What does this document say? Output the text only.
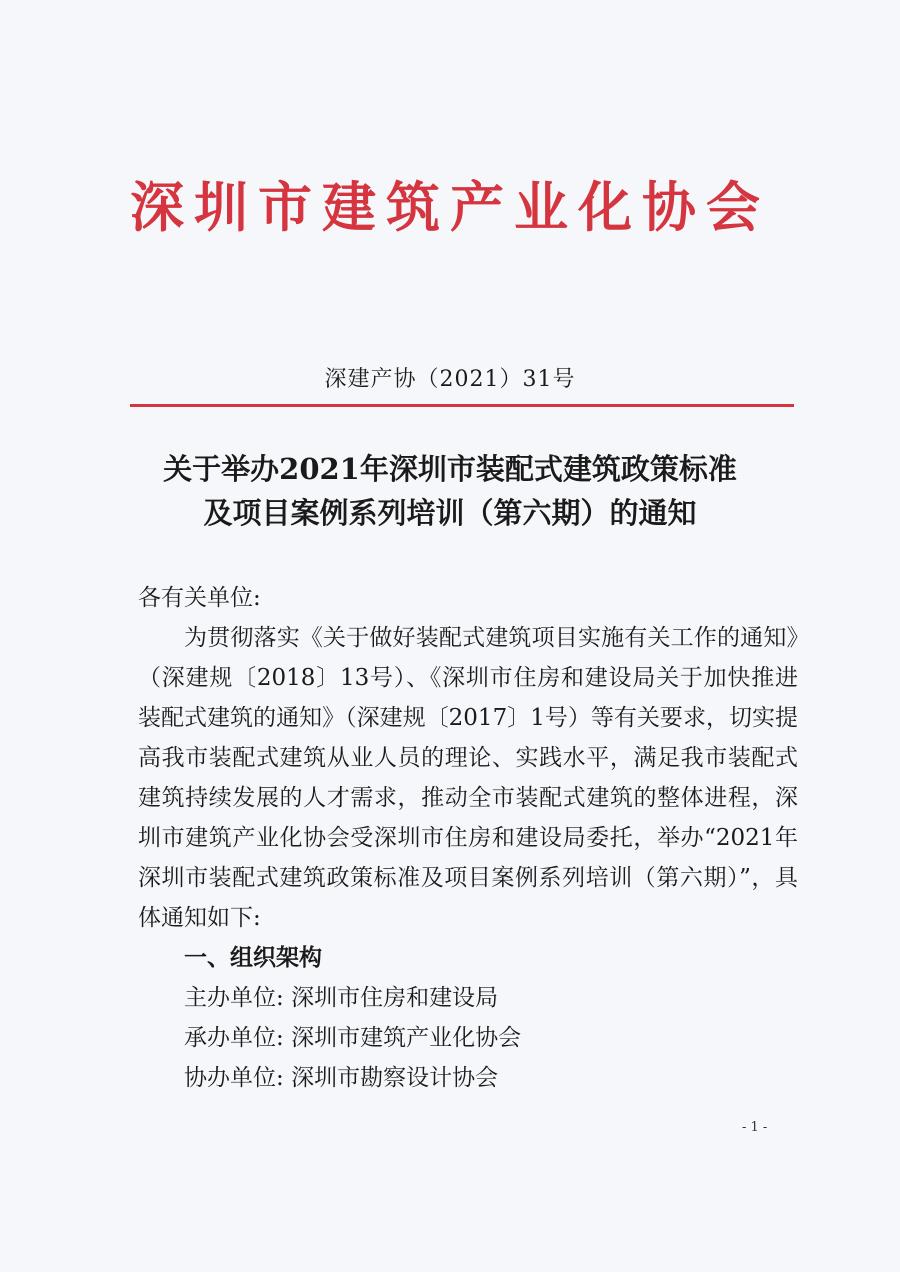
深圳市建筑产业化协会
深建产协（2021）31号
关于举办2021年深圳市装配式建筑政策标准
及项目案例系列培训（第六期）的通知

各有关单位:

为贯彻落实《关于做好装配式建筑项目实施有关工作的通知》（深建规〔2018〕13号）、《深圳市住房和建设局关于加快推进装配式建筑的通知》（深建规〔2017〕1号）等有关要求，切实提高我市装配式建筑从业人员的理论、实践水平，满足我市装配式建筑持续发展的人才需求，推动全市装配式建筑的整体进程，深圳市建筑产业化协会受深圳市住房和建设局委托，举办“2021年深圳市装配式建筑政策标准及项目案例系列培训（第六期）”，具体通知如下:

一、组织架构

主办单位: 深圳市住房和建设局

承办单位: 深圳市建筑产业化协会

协办单位: 深圳市勘察设计协会

- 1 -
